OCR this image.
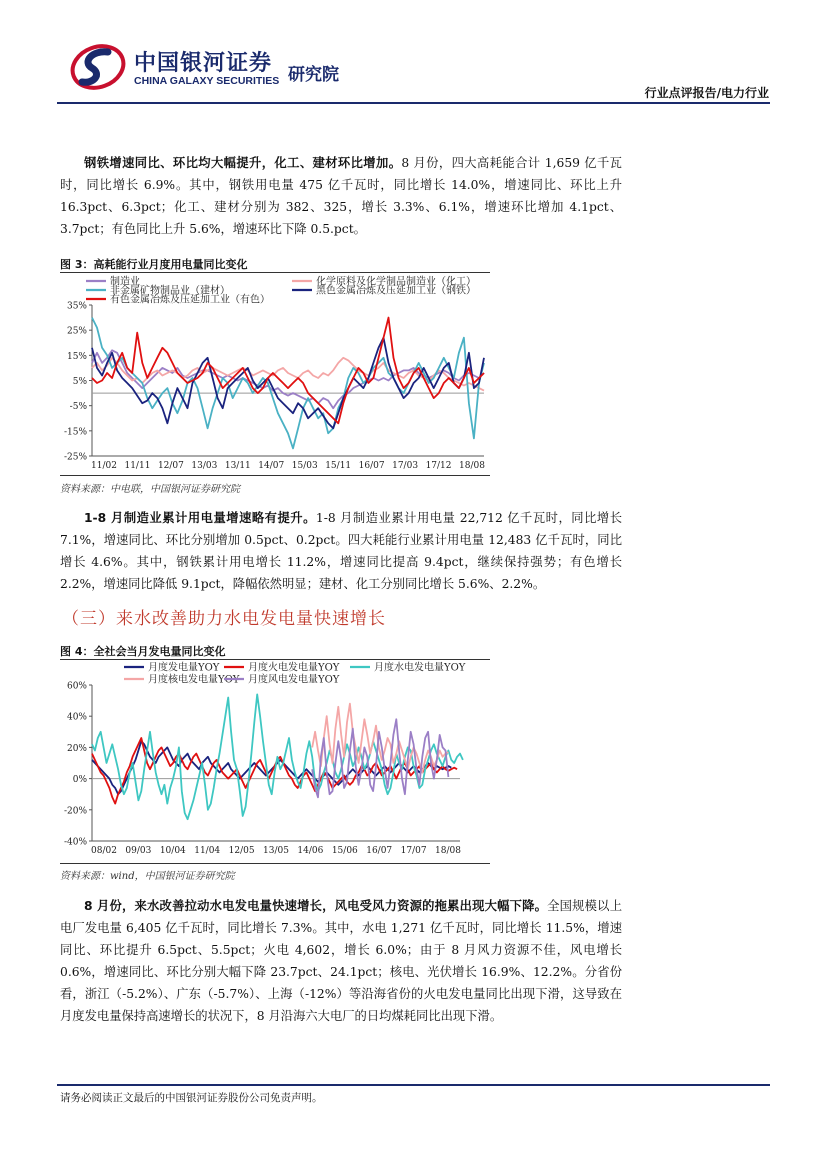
中国银河证券
CHINA GALAXY SECURITIES 研究院
行业点评报告/电力行业

钢铁增速同比、环比均大幅提升，化工、建材环比增加。8 月份，四大高耗能合计 1,659 亿千瓦时，同比增长 6.9%。其中，钢铁用电量 475 亿千瓦时，同比增长 14.0%，增速同比、环比上升 16.3pct、6.3pct；化工、建材分别为 382、325，增长 3.3%、6.1%，增速环比增加 4.1pct、3.7pct；有色同比上升 5.6%，增速环比下降 0.5.pct。

图 3：高耗能行业月度用电量同比变化
制造业	化学原料及化学制品制造业（化工）
非金属矿物制品业（建材）	黑色金属冶炼及压延加工业（钢铁）
有色金属冶炼及压延加工业（有色）
35%
25%
15%
5%
-5%
-15%
-25%
11/02 11/11 12/07 13/03 13/11 14/07 15/03 15/11 16/07 17/03 17/12 18/08
资料来源：中电联，中国银河证券研究院

1-8 月制造业累计用电量增速略有提升。1-8 月制造业累计用电量 22,712 亿千瓦时，同比增长 7.1%，增速同比、环比分别增加 0.5pct、0.2pct。四大耗能行业累计用电量 12,483 亿千瓦时，同比增长 4.6%。其中，钢铁累计用电增长 11.2%，增速同比提高 9.4pct，继续保持强势；有色增长 2.2%，增速同比降低 9.1pct，降幅依然明显；建材、化工分别同比增长 5.6%、2.2%。

（三）来水改善助力水电发电量快速增长
图 4：全社会当月发电量同比变化
月度发电量YOY	月度火电发电量YOY	月度水电发电量YOY
月度核电发电量YOY 月度风电发电量YOY
60%
40%
20%
0%
-20%
-40%
08/02 09/03 10/04 11/04 12/05 13/05 14/06 15/06 16/07 17/07 18/08
资料来源：wind，中国银河证券研究院

8 月份，来水改善拉动水电发电量快速增长，风电受风力资源的拖累出现大幅下降。全国规模以上电厂发电量 6,405 亿千瓦时，同比增长 7.3%。其中，水电 1,271 亿千瓦时，同比增长 11.5%，增速同比、环比提升 6.5pct、5.5pct；火电 4,602，增长 6.0%；由于 8 月风力资源不佳，风电增长 0.6%，增速同比、环比分别大幅下降 23.7pct、24.1pct；核电、光伏增长 16.9%、12.2%。分省份看，浙江（-5.2%）、广东（-5.7%）、上海（-12%）等沿海省份的火电发电量同比出现下滑，这导致在月度发电量保持高速增长的状况下，8 月沿海六大电厂的日均煤耗同比出现下滑。

请务必阅读正文最后的中国银河证券股份公司免责声明。
